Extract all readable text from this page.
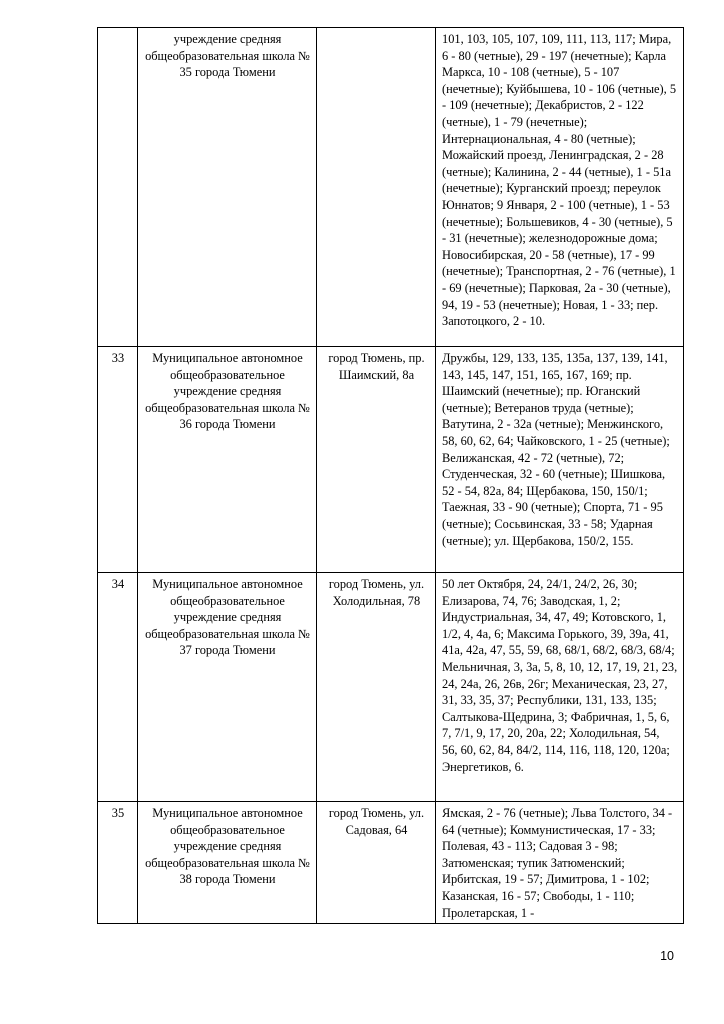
	учреждение средняя общеобразовательная школа № 35 города Тюмени		101, 103, 105, 107, 109, 111, 113, 117; Мира, 6 - 80 (четные), 29 - 197 (нечетные); Карла Маркса, 10 - 108 (четные), 5 - 107 (нечетные); Куйбышева, 10 - 106 (четные), 5 - 109 (нечетные); Декабристов, 2 - 122 (четные), 1 - 79 (нечетные); Интернациональная, 4 - 80 (четные); Можайский проезд, Ленинградская, 2 - 28 (четные); Калинина, 2 - 44 (четные), 1 - 51а (нечетные); Курганский проезд; переулок Юннатов; 9 Января, 2 - 100 (четные), 1 - 53 (нечетные); Большевиков, 4 - 30 (четные), 5 - 31 (нечетные); железнодорожные дома; Новосибирская, 20 - 58 (четные), 17 - 99 (нечетные); Транспортная, 2 - 76 (четные), 1 - 69 (нечетные); Парковая, 2а - 30 (четные), 94, 19 - 53 (нечетные); Новая, 1 - 33; пер. Запотоцкого, 2 - 10.

33	Муниципальное автономное общеобразовательное учреждение средняя общеобразовательная школа № 36 города Тюмени	город Тюмень, пр. Шаимский, 8а	Дружбы, 129, 133, 135, 135а, 137, 139, 141, 143, 145, 147, 151, 165, 167, 169; пр. Шаимский (нечетные); пр. Юганский (четные); Ветеранов труда (четные); Ватутина, 2 - 32а (четные); Менжинского, 58, 60, 62, 64; Чайковского, 1 - 25 (четные); Велижанская, 42 - 72 (четные), 72; Студенческая, 32 - 60 (четные); Шишкова, 52 - 54, 82а, 84; Щербакова, 150, 150/1; Таежная, 33 - 90 (четные); Спорта, 71 - 95 (четные); Сосьвинская, 33 - 58; Ударная (четные); ул. Щербакова, 150/2, 155.

34	Муниципальное автономное общеобразовательное учреждение средняя общеобразовательная школа № 37 города Тюмени	город Тюмень, ул. Холодильная, 78	50 лет Октября, 24, 24/1, 24/2, 26, 30; Елизарова, 74, 76; Заводская, 1, 2; Индустриальная, 34, 47, 49; Котовского, 1, 1/2, 4, 4а, 6; Максима Горького, 39, 39а, 41, 41а, 42а, 47, 55, 59, 68, 68/1, 68/2, 68/3, 68/4; Мельничная, 3, 3а, 5, 8, 10, 12, 17, 19, 21, 23, 24, 24а, 26, 26в, 26г; Механическая, 23, 27, 31, 33, 35, 37; Республики, 131, 133, 135; Салтыкова-Щедрина, 3; Фабричная, 1, 5, 6, 7, 7/1, 9, 17, 20, 20а, 22; Холодильная, 54, 56, 60, 62, 84, 84/2, 114, 116, 118, 120, 120а; Энергетиков, 6.

35	Муниципальное автономное общеобразовательное учреждение средняя общеобразовательная школа № 38 города Тюмени	город Тюмень, ул. Садовая, 64	Ямская, 2 - 76 (четные); Льва Толстого, 34 - 64 (четные); Коммунистическая, 17 - 33; Полевая, 43 - 113; Садовая 3 - 98; Затюменская; тупик Затюменский; Ирбитская, 19 - 57; Димитрова, 1 - 102; Казанская, 16 - 57; Свободы, 1 - 110; Пролетарская, 1 -
10
